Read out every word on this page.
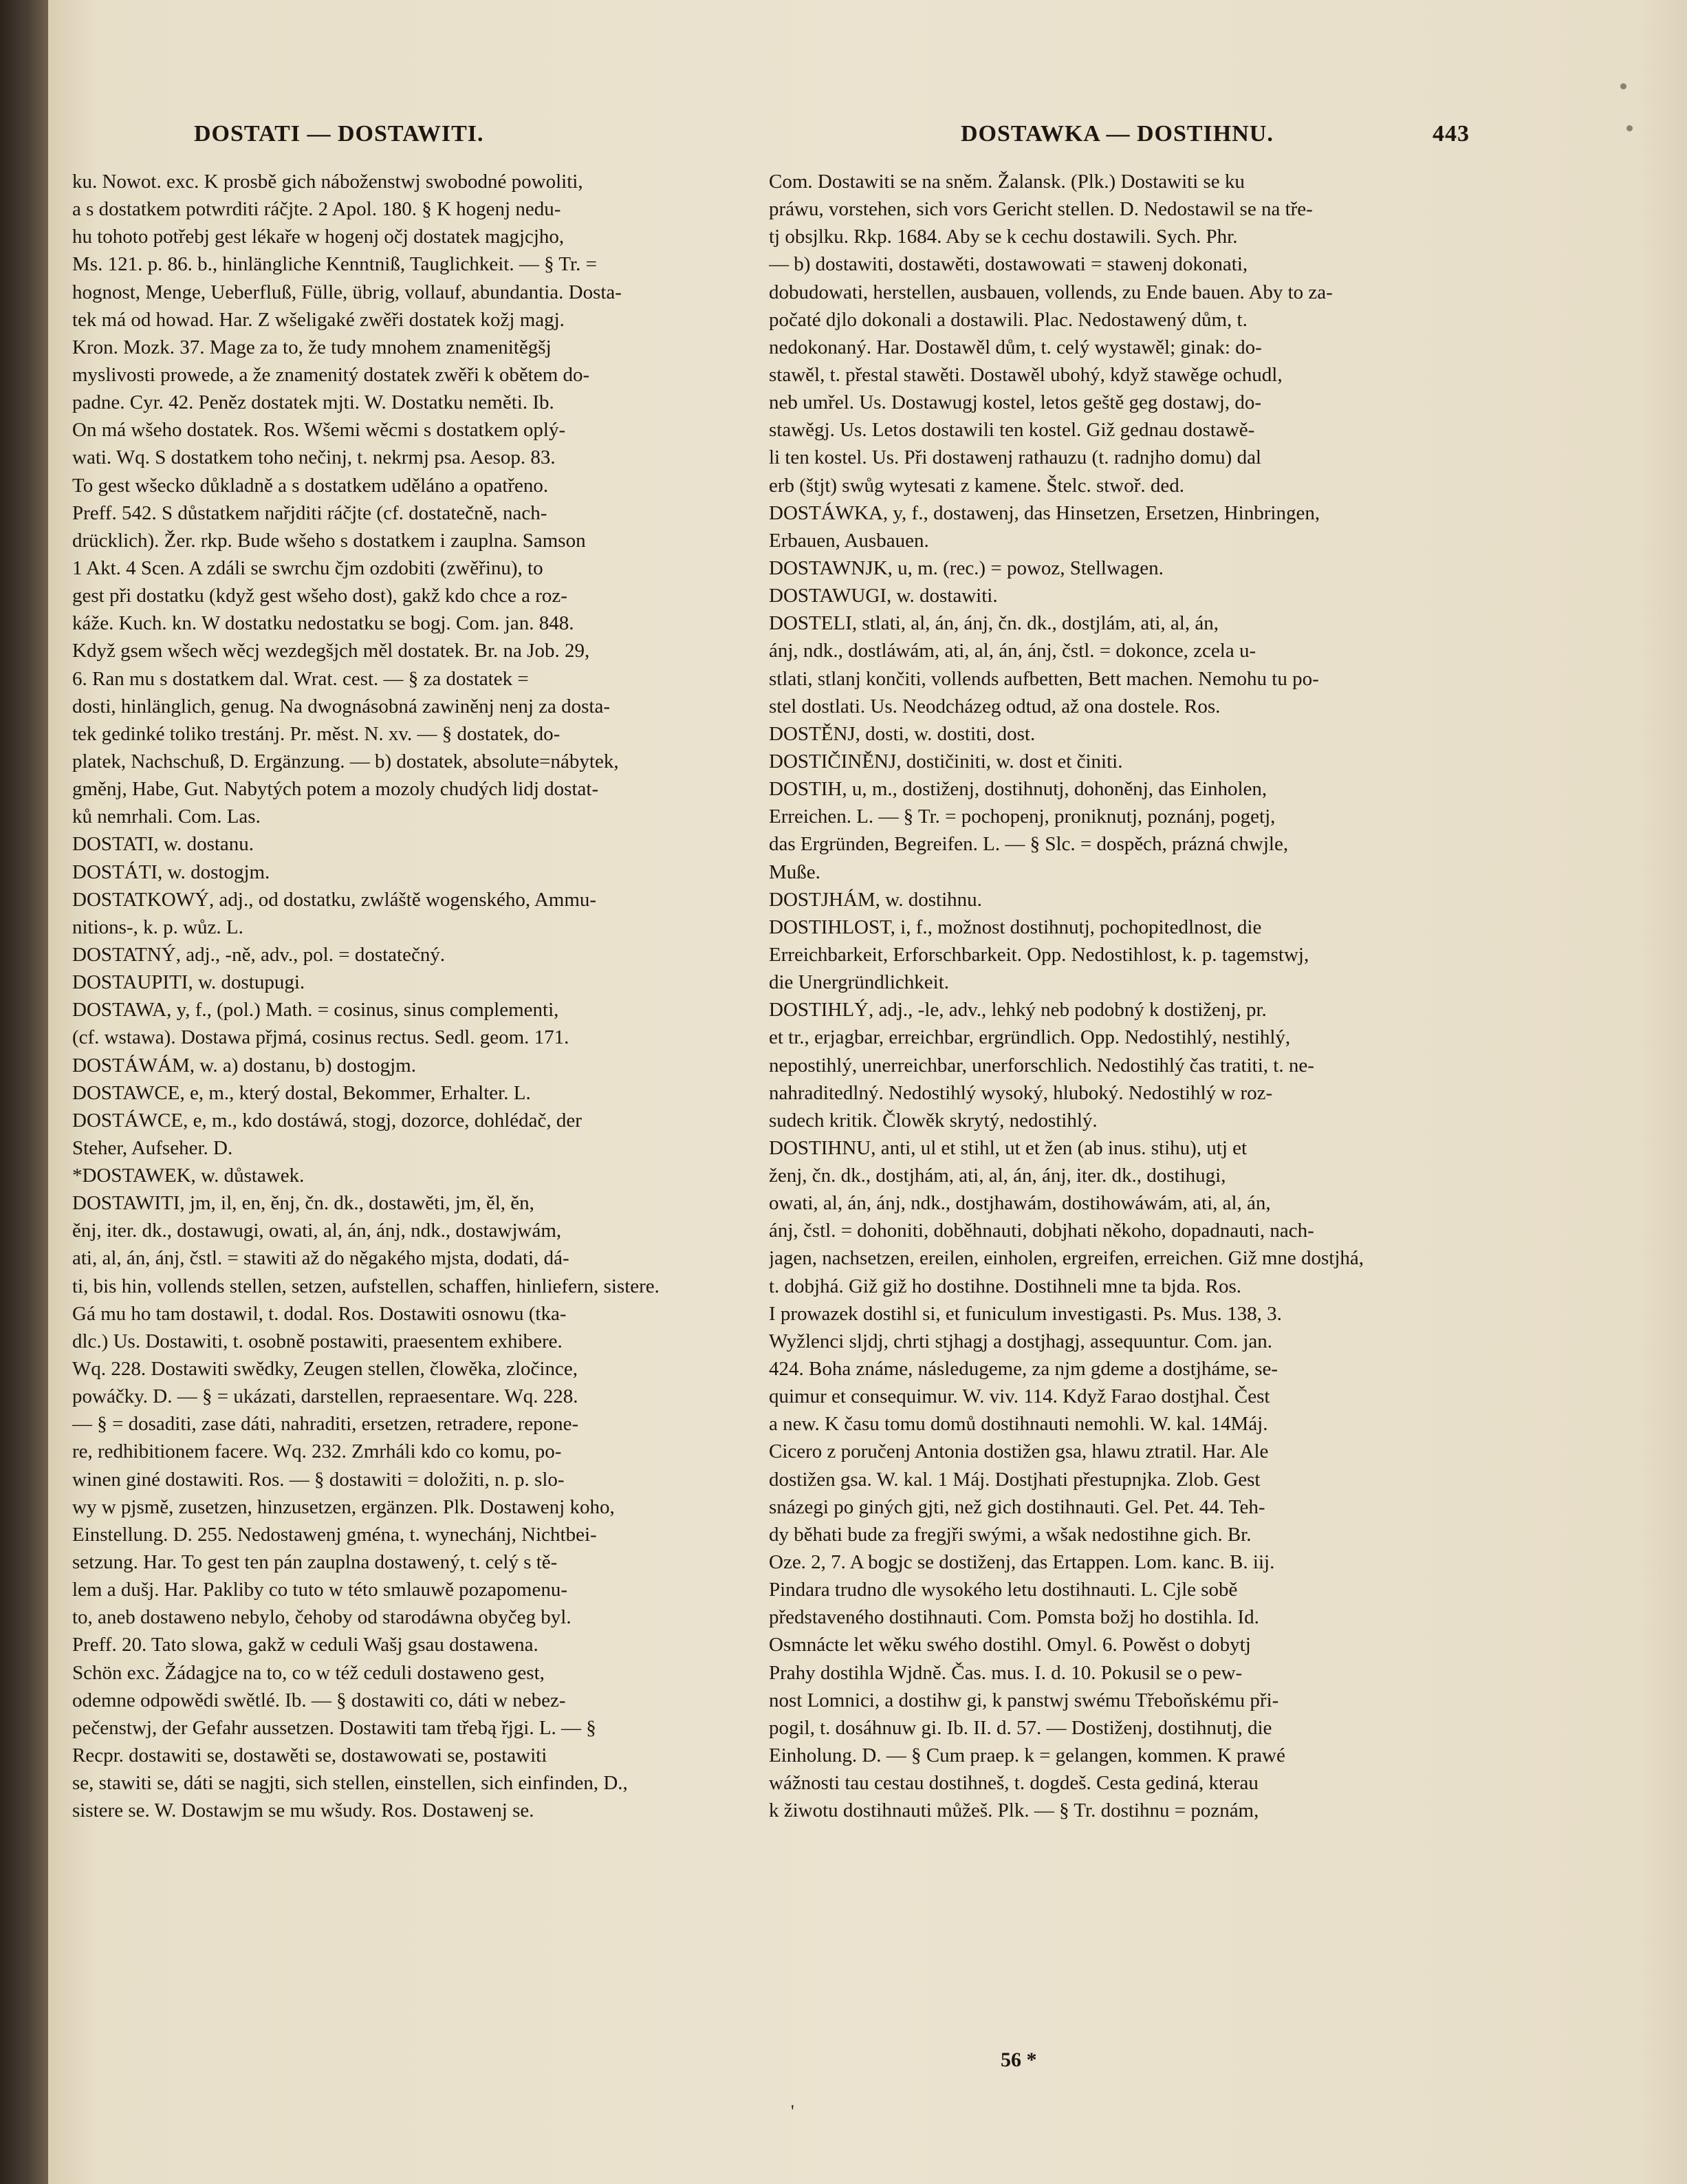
DOSTATI — DOSTAWITI.	DOSTAWKA — DOSTIHNU.	443
ku. Nowot. exc. K prosbě gich náboženstwj swobodné powoliti,
a s dostatkem potwrditi ráčjte. 2 Apol. 180. § K hogenj nedu-
hu tohoto potřebj gest lékaře w hogenj očj dostatek magjcjho,
Ms. 121. p. 86. b., hinlängliche Kenntniß, Tauglichkeit. — § Tr. =
hognost, Menge, Ueberfluß, Fülle, übrig, vollauf, abundantia. Dosta-
tek má od howad. Har. Z wšeligaké zwěři dostatek kožj magj.
Kron. Mozk. 37. Mage za to, že tudy mnohem znamenitěgšj
myslivosti prowede, a že znamenitý dostatek zwěři k obětem do-
padne. Cyr. 42. Peněz dostatek mjti. W. Dostatku neměti. Ib.
On má wšeho dostatek. Ros. Wšemi wěcmi s dostatkem oplý-
wati. Wq. S dostatkem toho nečinj, t. nekrmj psa. Aesop. 83.
To gest wšecko důkladně a s dostatkem uděláno a opatřeno.
Preff. 542. S důstatkem nařjditi ráčjte (cf. dostatečně, nach-
drücklich). Žer. rkp. Bude wšeho s dostatkem i zauplna. Samson
1 Akt. 4 Scen. A zdáli se swrchu čjm ozdobiti (zwěřinu), to
gest při dostatku (když gest wšeho dost), gakž kdo chce a roz-
káže. Kuch. kn. W dostatku nedostatku se bogj. Com. jan. 848.
Když gsem wšech wěcj wezdegšjch měl dostatek. Br. na Job. 29,
6. Ran mu s dostatkem dal. Wrat. cest. — § za dostatek =
dosti, hinlänglich, genug. Na dwognásobná zawiněnj nenj za dosta-
tek gedinké toliko trestánj. Pr. měst. N. xv. — § dostatek, do-
platek, Nachschuß, D. Ergänzung. — b) dostatek, absolute=nábytek,
gměnj, Habe, Gut. Nabytých potem a mozoly chudých lidj dostat-
ků nemrhali. Com. Las.
DOSTATI, w. dostanu.
DOSTÁTI, w. dostogjm.
DOSTATKOWÝ, adj., od dostatku, zwláště wogenského, Ammu-
nitions-, k. p. wůz. L.
DOSTATNÝ, adj., -ně, adv., pol. = dostatečný.
DOSTAUPITI, w. dostupugi.
DOSTAWA, y, f., (pol.) Math. = cosinus, sinus complementi,
(cf. wstawa). Dostawa přjmá, cosinus rectus. Sedl. geom. 171.
DOSTÁWÁM, w. a) dostanu, b) dostogjm.
DOSTAWCE, e, m., který dostal, Bekommer, Erhalter. L.
DOSTÁWCE, e, m., kdo dostáwá, stogj, dozorce, dohlédač, der
Steher, Aufseher. D.
*DOSTAWEK, w. důstawek.
DOSTAWITI, jm, il, en, ěnj, čn. dk., dostawěti, jm, ěl, ěn,
ěnj, iter. dk., dostawugi, owati, al, án, ánj, ndk., dostawjwám,
ati, al, án, ánj, čstl. = stawiti až do něgakého mjsta, dodati, dá-
ti, bis hin, vollends stellen, setzen, aufstellen, schaffen, hinliefern, sistere.
Gá mu ho tam dostawil, t. dodal. Ros. Dostawiti osnowu (tka-
dlc.) Us. Dostawiti, t. osobně postawiti, praesentem exhibere.
Wq. 228. Dostawiti swědky, Zeugen stellen, člowěka, zločince,
powáčky. D. — § = ukázati, darstellen, repraesentare. Wq. 228.
— § = dosaditi, zase dáti, nahraditi, ersetzen, retradere, repone-
re, redhibitionem facere. Wq. 232. Zmrháli kdo co komu, po-
winen giné dostawiti. Ros. — § dostawiti = doložiti, n. p. slo-
wy w pjsmě, zusetzen, hinzusetzen, ergänzen. Plk. Dostawenj koho,
Einstellung. D. 255. Nedostawenj gména, t. wynechánj, Nichtbei-
setzung. Har. To gest ten pán zauplna dostawený, t. celý s tě-
lem a dušj. Har. Pakliby co tuto w této smlauwě pozapomenu-
to, aneb dostaweno nebylo, čehoby od starodáwna obyčeg byl.
Preff. 20. Tato slowa, gakž w ceduli Wašj gsau dostawena.
Schön exc. Žádagjce na to, co w též ceduli dostaweno gest,
odemne odpowědi swětlé. Ib. — § dostawiti co, dáti w nebez-
pečenstwj, der Gefahr aussetzen. Dostawiti tam třebą řjgi. L. — §
Recpr. dostawiti se, dostawěti se, dostawowati se, postawiti
se, stawiti se, dáti se nagjti, sich stellen, einstellen, sich einfinden, D.,
sistere se. W. Dostawjm se mu wšudy. Ros. Dostawenj se.
Com. Dostawiti se na sněm. Žalansk. (Plk.) Dostawiti se ku
práwu, vorstehen, sich vors Gericht stellen. D. Nedostawil se na tře-
tj obsjlku. Rkp. 1684. Aby se k cechu dostawili. Sych. Phr.
— b) dostawiti, dostawěti, dostawowati = stawenj dokonati,
dobudowati, herstellen, ausbauen, vollends, zu Ende bauen. Aby to za-
počaté djlo dokonali a dostawili. Plac. Nedostawený dům, t.
nedokonaný. Har. Dostawěl dům, t. celý wystawěl; ginak: do-
stawěl, t. přestal stawěti. Dostawěl ubohý, když stawěge ochudl,
neb umřel. Us. Dostawugj kostel, letos geště geg dostawj, do-
stawěgj. Us. Letos dostawili ten kostel. Giž gednau dostawě-
li ten kostel. Us. Při dostawenj rathauzu (t. radnjho domu) dal
erb (štjt) swůg wytesati z kamene. Štelc. stwoř. ded.
DOSTÁWKA, y, f., dostawenj, das Hinsetzen, Ersetzen, Hinbringen,
Erbauen, Ausbauen.
DOSTAWNJK, u, m. (rec.) = powoz, Stellwagen.
DOSTAWUGI, w. dostawiti.
DOSTELI, stlati, al, án, ánj, čn. dk., dostjlám, ati, al, án,
ánj, ndk., dostláwám, ati, al, án, ánj, čstl. = dokonce, zcela u-
stlati, stlanj končiti, vollends aufbetten, Bett machen. Nemohu tu po-
stel dostlati. Us. Neodcházeg odtud, až ona dostele. Ros.
DOSTĚNJ, dosti, w. dostiti, dost.
DOSTIČINĚNJ, dostičiniti, w. dost et činiti.
DOSTIH, u, m., dostiženj, dostihnutj, dohoněnj, das Einholen,
Erreichen. L. — § Tr. = pochopenj, proniknutj, poznánj, pogetj,
das Ergründen, Begreifen. L. — § Slc. = dospěch, prázná chwjle,
Muße.
DOSTJHÁM, w. dostihnu.
DOSTIHLOST, i, f., možnost dostihnutj, pochopitedlnost, die
Erreichbarkeit, Erforschbarkeit. Opp. Nedostihlost, k. p. tagemstwj,
die Unergründlichkeit.
DOSTIHLÝ, adj., -le, adv., lehký neb podobný k dostiženj, pr.
et tr., erjagbar, erreichbar, ergründlich. Opp. Nedostihlý, nestihlý,
nepostihlý, unerreichbar, unerforschlich. Nedostihlý čas tratiti, t. ne-
nahraditedlný. Nedostihlý wysoký, hluboký. Nedostihlý w roz-
sudech kritik. Člowěk skrytý, nedostihlý.
DOSTIHNU, anti, ul et stihl, ut et žen (ab inus. stihu), utj et
ženj, čn. dk., dostjhám, ati, al, án, ánj, iter. dk., dostihugi,
owati, al, án, ánj, ndk., dostjhawám, dostihowáwám, ati, al, án,
ánj, čstl. = dohoniti, doběhnauti, dobjhati někoho, dopadnauti, nach-
jagen, nachsetzen, ereilen, einholen, ergreifen, erreichen. Giž mne dostjhá,
t. dobjhá. Giž giž ho dostihne. Dostihneli mne ta bjda. Ros.
I prowazek dostihl si, et funiculum investigasti. Ps. Mus. 138, 3.
Wyžlenci sljdj, chrti stjhagj a dostjhagj, assequuntur. Com. jan.
424. Boha známe, následugeme, za njm gdeme a dostjháme, se-
quimur et consequimur. W. viv. 114. Když Farao dostjhal. Čest
a new. K času tomu domů dostihnauti nemohli. W. kal. 14Máj.
Cicero z poručenj Antonia dostižen gsa, hlawu ztratil. Har. Ale
dostižen gsa. W. kal. 1 Máj. Dostjhati přestupnjka. Zlob. Gest
snázegi po giných gjti, než gich dostihnauti. Gel. Pet. 44. Teh-
dy běhati bude za fregjři swými, a wšak nedostihne gich. Br.
Oze. 2, 7. A bogjc se dostiženj, das Ertappen. Lom. kanc. B. iij.
Pindara trudno dle wysokého letu dostihnauti. L. Cjle sobě
představeného dostihnauti. Com. Pomsta božj ho dostihla. Id.
Osmnácte let wěku swého dostihl. Omyl. 6. Powěst o dobytj
Prahy dostihla Wjdně. Čas. mus. I. d. 10. Pokusil se o pew-
nost Lomnici, a dostihw gi, k panstwj swému Třeboňskému při-
pogil, t. dosáhnuw gi. Ib. II. d. 57. — Dostiženj, dostihnutj, die
Einholung. D. — § Cum praep. k = gelangen, kommen. K prawé
wážnosti tau cestau dostihneš, t. dogdeš. Cesta gediná, kterau
k žiwotu dostihnauti můžeš. Plk. — § Tr. dostihnu = poznám,
56 *
'
